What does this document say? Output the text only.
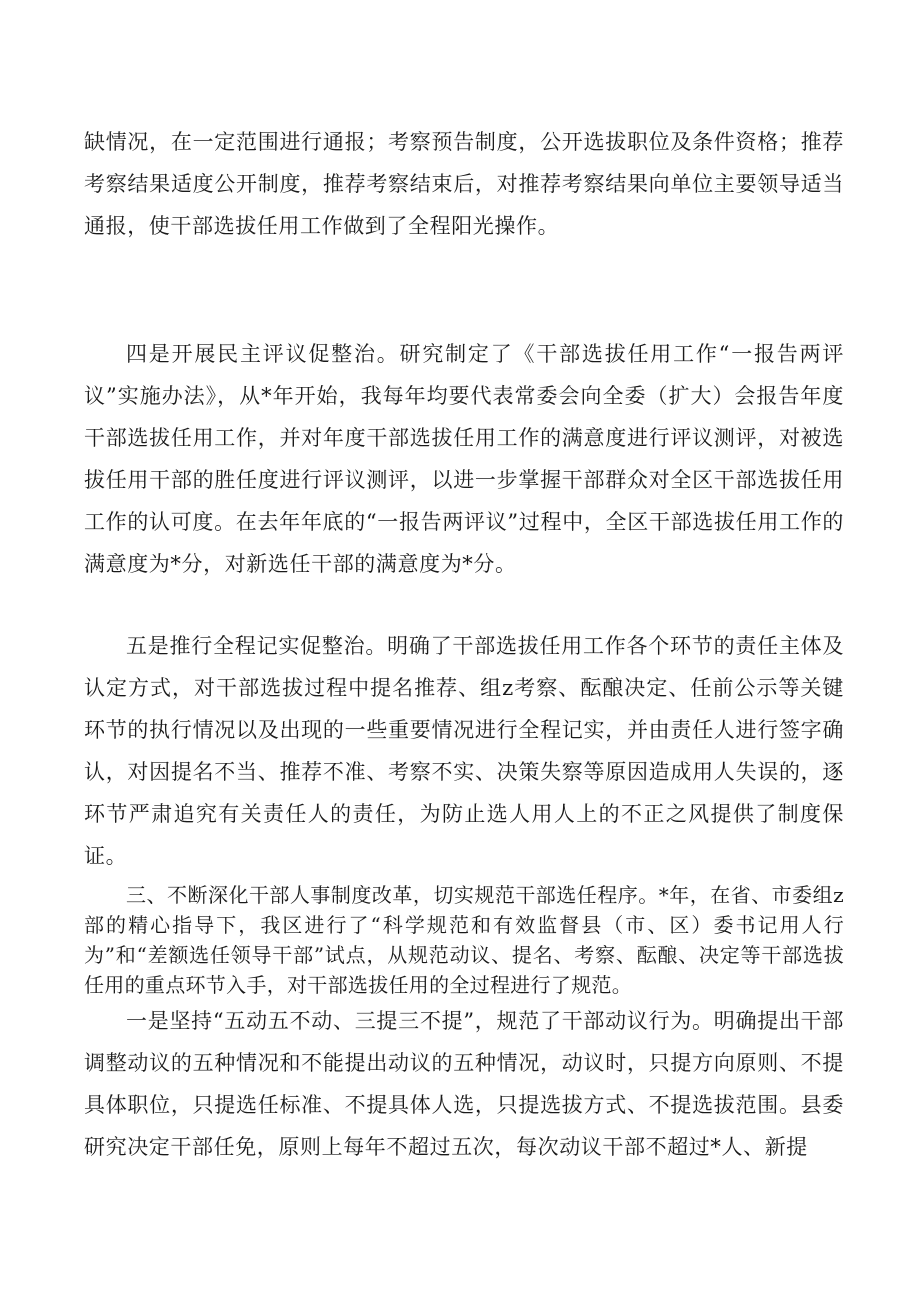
缺情况，在一定范围进行通报；考察预告制度，公开选拔职位及条件资格；推荐考察结果适度公开制度，推荐考察结束后，对推荐考察结果向单位主要领导适当通报，使干部选拔任用工作做到了全程阳光操作。

四是开展民主评议促整治。研究制定了《干部选拔任用工作“一报告两评议”实施办法》，从*年开始，我每年均要代表常委会向全委（扩大）会报告年度干部选拔任用工作，并对年度干部选拔任用工作的满意度进行评议测评，对被选拔任用干部的胜任度进行评议测评，以进一步掌握干部群众对全区干部选拔任用工作的认可度。在去年年底的“一报告两评议”过程中，全区干部选拔任用工作的满意度为*分，对新选任干部的满意度为*分。

五是推行全程记实促整治。明确了干部选拔任用工作各个环节的责任主体及认定方式，对干部选拔过程中提名推荐、组z考察、酝酿决定、任前公示等关键环节的执行情况以及出现的一些重要情况进行全程记实，并由责任人进行签字确认，对因提名不当、推荐不准、考察不实、决策失察等原因造成用人失误的，逐环节严肃追究有关责任人的责任，为防止选人用人上的不正之风提供了制度保证。

三、不断深化干部人事制度改革，切实规范干部选任程序。*年，在省、市委组z部的精心指导下，我区进行了“科学规范和有效监督县（市、区）委书记用人行为”和“差额选任领导干部”试点，从规范动议、提名、考察、酝酿、决定等干部选拔任用的重点环节入手，对干部选拔任用的全过程进行了规范。

一是坚持“五动五不动、三提三不提”，规范了干部动议行为。明确提出干部调整动议的五种情况和不能提出动议的五种情况，动议时，只提方向原则、不提具体职位，只提选任标准、不提具体人选，只提选拔方式、不提选拔范围。县委研究决定干部任免，原则上每年不超过五次，每次动议干部不超过*人、新提
